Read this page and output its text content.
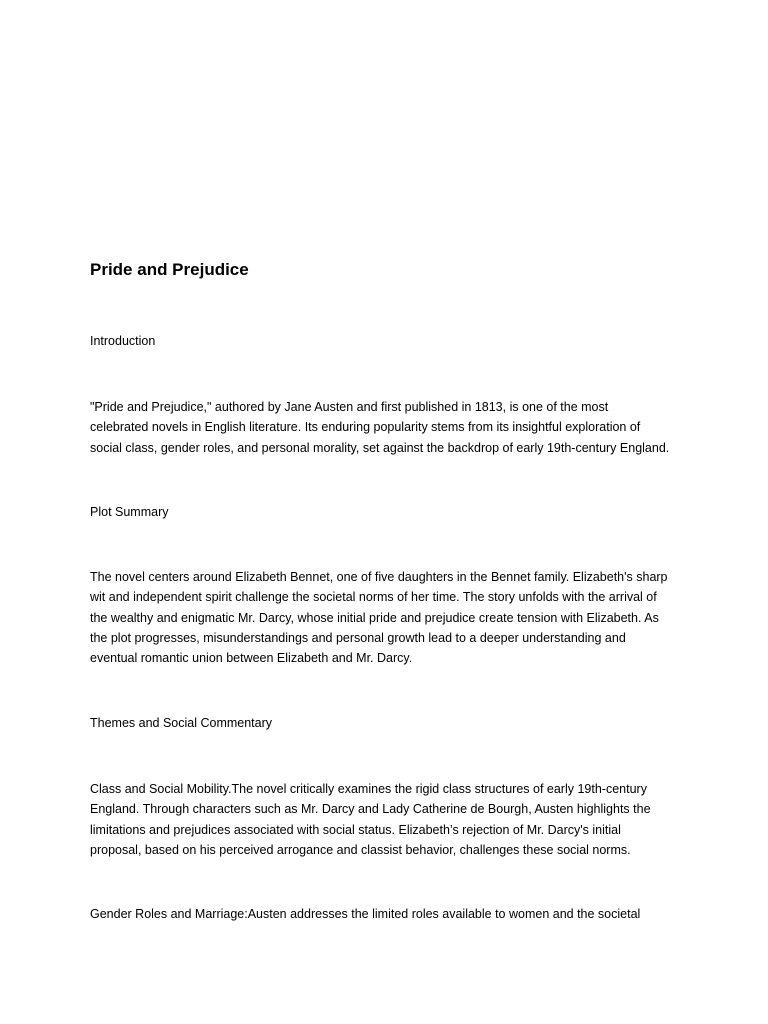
Pride and Prejudice
Introduction
"Pride and Prejudice," authored by Jane Austen and first published in 1813, is one of the most
celebrated novels in English literature. Its enduring popularity stems from its insightful exploration of
social class, gender roles, and personal morality, set against the backdrop of early 19th-century England.
Plot Summary
The novel centers around Elizabeth Bennet, one of five daughters in the Bennet family. Elizabeth's sharp
wit and independent spirit challenge the societal norms of her time. The story unfolds with the arrival of
the wealthy and enigmatic Mr. Darcy, whose initial pride and prejudice create tension with Elizabeth. As
the plot progresses, misunderstandings and personal growth lead to a deeper understanding and
eventual romantic union between Elizabeth and Mr. Darcy.
Themes and Social Commentary
Class and Social Mobility.The novel critically examines the rigid class structures of early 19th-century
England. Through characters such as Mr. Darcy and Lady Catherine de Bourgh, Austen highlights the
limitations and prejudices associated with social status. Elizabeth’s rejection of Mr. Darcy's initial
proposal, based on his perceived arrogance and classist behavior, challenges these social norms.
Gender Roles and Marriage:Austen addresses the limited roles available to women and the societal
